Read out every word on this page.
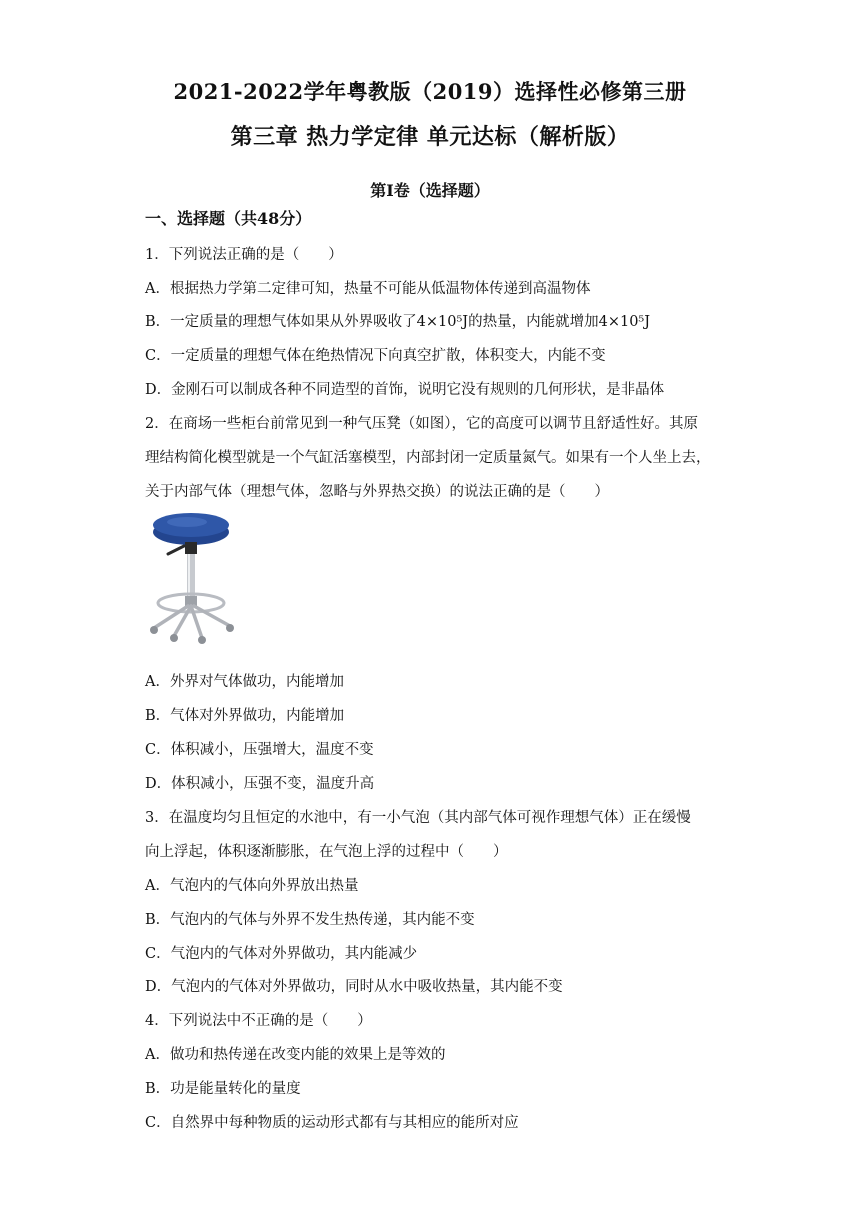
2021-2022学年粤教版（2019）选择性必修第三册
第三章 热力学定律 单元达标（解析版）
第Ⅰ卷（选择题）
一、选择题（共48分）
1．下列说法正确的是（　　）
A．根据热力学第二定律可知，热量不可能从低温物体传递到高温物体
B．一定质量的理想气体如果从外界吸收了4×10⁵J的热量，内能就增加4×10⁵J
C．一定质量的理想气体在绝热情况下向真空扩散，体积变大，内能不变
D．金刚石可以制成各种不同造型的首饰，说明它没有规则的几何形状，是非晶体
2．在商场一些柜台前常见到一种气压凳（如图），它的高度可以调节且舒适性好。其原
理结构简化模型就是一个气缸活塞模型，内部封闭一定质量氮气。如果有一个人坐上去，
关于内部气体（理想气体，忽略与外界热交换）的说法正确的是（　　）
A．外界对气体做功，内能增加
B．气体对外界做功，内能增加
C．体积减小，压强增大，温度不变
D．体积减小，压强不变，温度升高
3．在温度均匀且恒定的水池中，有一小气泡（其内部气体可视作理想气体）正在缓慢
向上浮起，体积逐渐膨胀，在气泡上浮的过程中（　　）
A．气泡内的气体向外界放出热量
B．气泡内的气体与外界不发生热传递，其内能不变
C．气泡内的气体对外界做功，其内能减少
D．气泡内的气体对外界做功，同时从水中吸收热量，其内能不变
4．下列说法中不正确的是（　　）
A．做功和热传递在改变内能的效果上是等效的
B．功是能量转化的量度
C．自然界中每种物质的运动形式都有与其相应的能所对应
